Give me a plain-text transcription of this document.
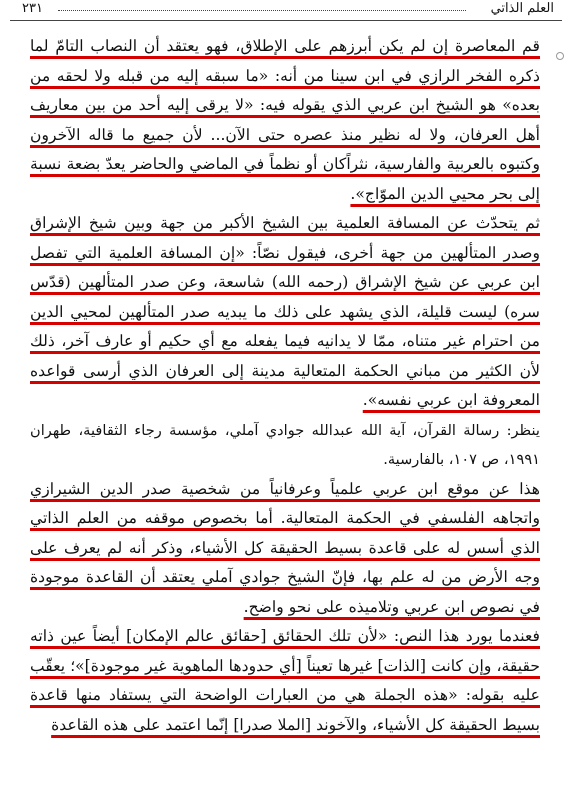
٢٣١	العلم الذاتي

قم المعاصرة إن لم يكن أبرزهم على الإطلاق، فهو يعتقد أن النصاب التامّ لما ذكره الفخر الرازي في ابن سينا من أنه: «ما سبقه إليه من قبله ولا لحقه من بعده» هو الشيخ ابن عربي الذي يقوله فيه: «لا يرقى إليه أحد من بين معاريف أهل العرفان، ولا له نظير منذ عصره حتى الآن... لأن جميع ما قاله الآخرون وكتبوه بالعربية والفارسية، نثراًكان أو نظماً في الماضي والحاضر يعدّ بضعة نسبة إلى بحر محيي الدين الموّاج».

ثم يتحدّث عن المسافة العلمية بين الشيخ الأكبر من جهة وبين شيخ الإشراق وصدر المتألهين من جهة أخرى، فيقول نصّاً: «إن المسافة العلمية التي تفصل ابن عربي عن شيخ الإشراق (رحمه الله) شاسعة، وعن صدر المتألهين (قدّس سره) ليست قليلة، الذي يشهد على ذلك ما يبديه صدر المتألهين لمحيي الدين من احترام غير متناه، ممّا لا يدانيه فيما يفعله مع أي حكيم أو عارف آخر، ذلك لأن الكثير من مباني الحكمة المتعالية مدينة إلى العرفان الذي أرسى قواعده المعروفة ابن عربي نفسه».

ينظر: رسالة القرآن، آية الله عبدالله جوادي آملي، مؤسسة رجاء الثقافية، طهران ١٩٩١، ص ١٠٧، بالفارسية.

هذا عن موقع ابن عربي علمياً وعرفانياً من شخصية صدر الدين الشيرازي واتجاهه الفلسفي في الحكمة المتعالية. أما بخصوص موقفه من العلم الذاتي الذي أسس له على قاعدة بسيط الحقيقة كل الأشياء، وذكر أنه لم يعرف على وجه الأرض من له علم بها، فإنّ الشيخ جوادي آملي يعتقد أن القاعدة موجودة في نصوص ابن عربي وتلاميذه على نحو واضح.

فعندما يورد هذا النص: «لأن تلك الحقائق [حقائق عالم الإمكان] أيضاً عين ذاته حقيقة، وإن كانت [الذات] غيرها تعيناً [أي حدودها الماهوية غير موجودة]»؛ يعقّب عليه بقوله: «هذه الجملة هي من العبارات الواضحة التي يستفاد منها قاعدة بسيط الحقيقة كل الأشياء، والآخوند [الملا صدرا] إنّما اعتمد على هذه القاعدة
